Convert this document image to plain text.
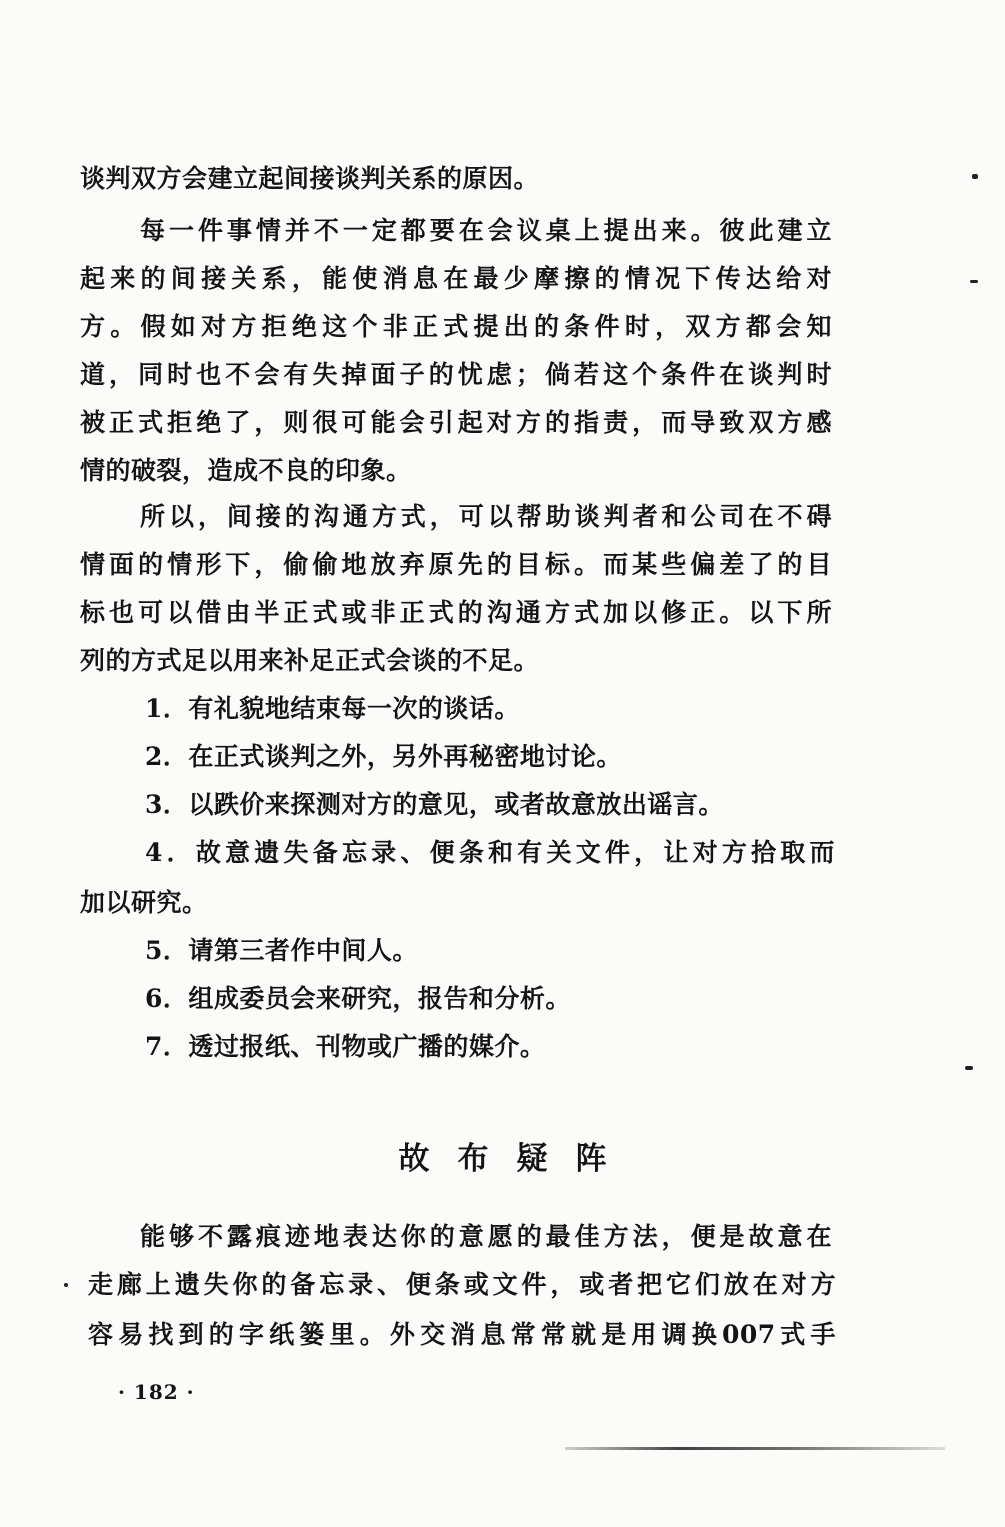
谈判双方会建立起间接谈判关系的原因。
每一件事情并不一定都要在会议桌上提出来。彼此建立
起来的间接关系，能使消息在最少摩擦的情况下传达给对
方。假如对方拒绝这个非正式提出的条件时，双方都会知
道，同时也不会有失掉面子的忧虑；倘若这个条件在谈判时
被正式拒绝了，则很可能会引起对方的指责，而导致双方感
情的破裂，造成不良的印象。
所以，间接的沟通方式，可以帮助谈判者和公司在不碍
情面的情形下，偷偷地放弃原先的目标。而某些偏差了的目
标也可以借由半正式或非正式的沟通方式加以修正。以下所
列的方式足以用来补足正式会谈的不足。
1．有礼貌地结束每一次的谈话。
2．在正式谈判之外，另外再秘密地讨论。
3．以跌价来探测对方的意见，或者故意放出谣言。
4．故意遗失备忘录、便条和有关文件，让对方拾取而
加以研究。
5．请第三者作中间人。
6．组成委员会来研究，报告和分析。
7．透过报纸、刊物或广播的媒介。
故布疑阵
能够不露痕迹地表达你的意愿的最佳方法，便是故意在
走廊上遗失你的备忘录、便条或文件，或者把它们放在对方
容易找到的字纸篓里。外交消息常常就是用调换007式手
· 182 ·
